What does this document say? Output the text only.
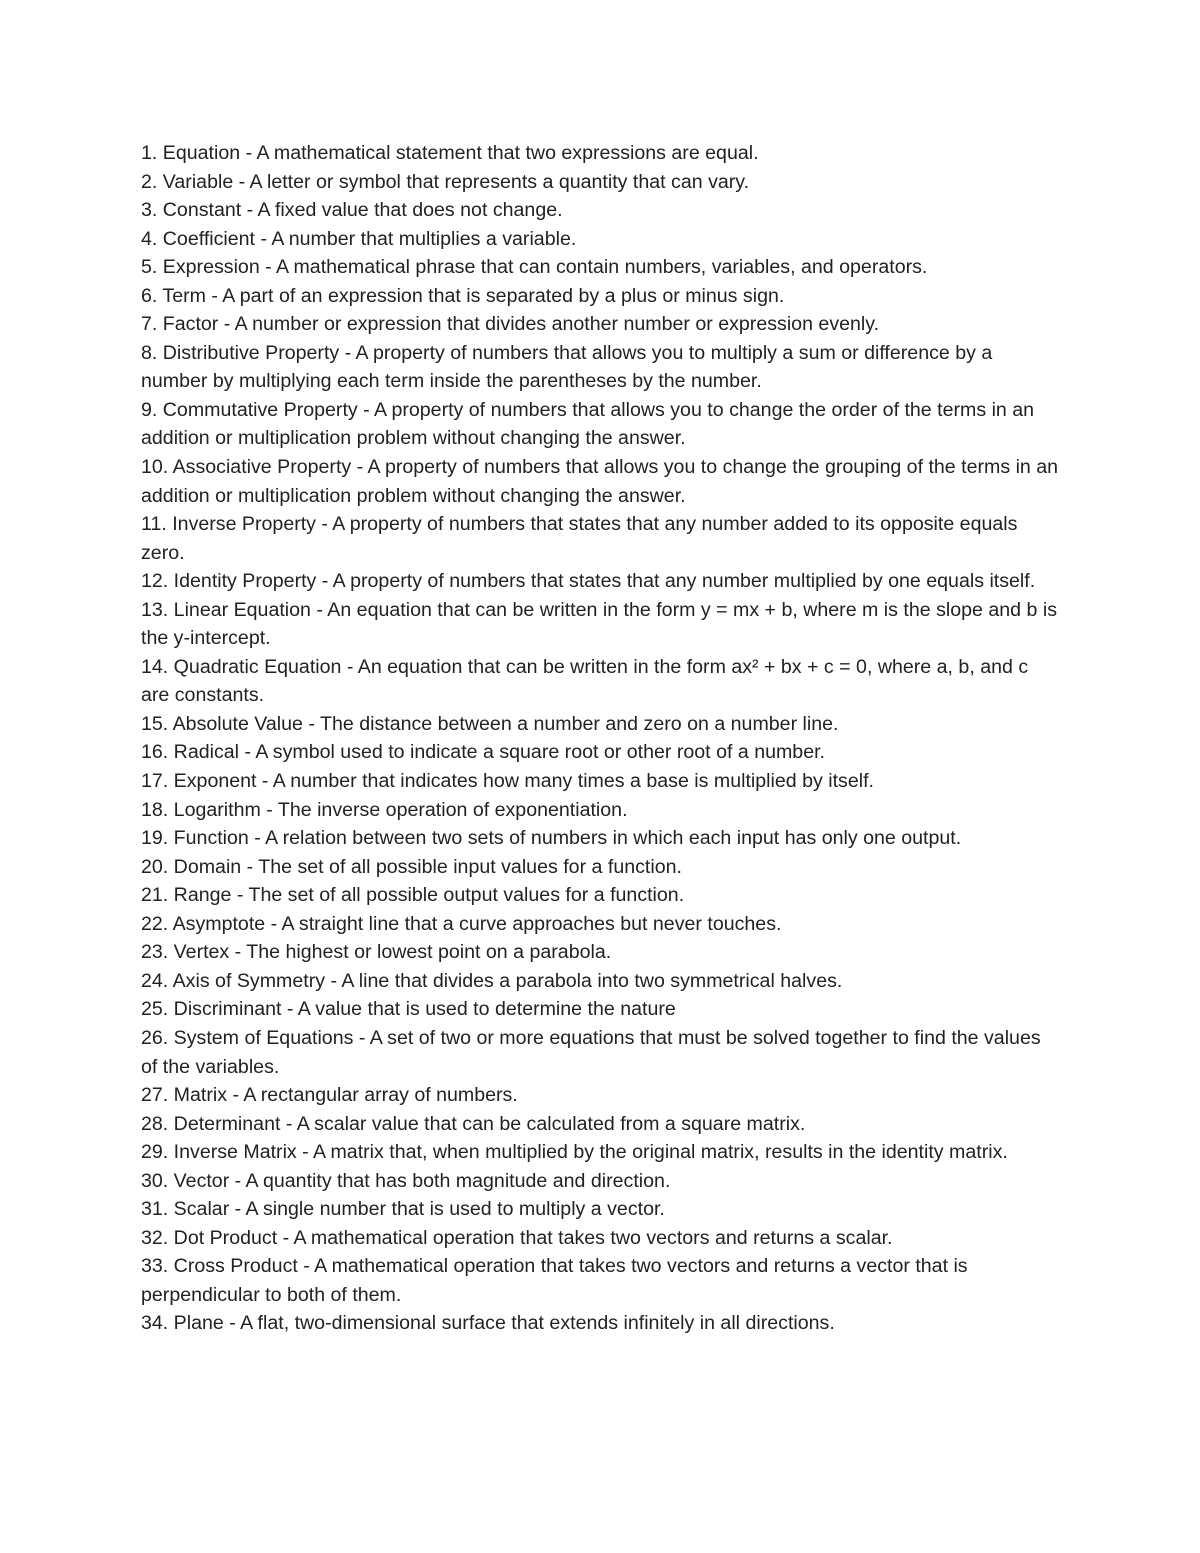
1. Equation - A mathematical statement that two expressions are equal.
2. Variable - A letter or symbol that represents a quantity that can vary.
3. Constant - A fixed value that does not change.
4. Coefficient - A number that multiplies a variable.
5. Expression - A mathematical phrase that can contain numbers, variables, and operators.
6. Term - A part of an expression that is separated by a plus or minus sign.
7. Factor - A number or expression that divides another number or expression evenly.
8. Distributive Property - A property of numbers that allows you to multiply a sum or difference by a number by multiplying each term inside the parentheses by the number.
9. Commutative Property - A property of numbers that allows you to change the order of the terms in an addition or multiplication problem without changing the answer.
10. Associative Property - A property of numbers that allows you to change the grouping of the terms in an addition or multiplication problem without changing the answer.
11. Inverse Property - A property of numbers that states that any number added to its opposite equals zero.
12. Identity Property - A property of numbers that states that any number multiplied by one equals itself.
13. Linear Equation - An equation that can be written in the form y = mx + b, where m is the slope and b is the y-intercept.
14. Quadratic Equation - An equation that can be written in the form ax² + bx + c = 0, where a, b, and c are constants.
15. Absolute Value - The distance between a number and zero on a number line.
16. Radical - A symbol used to indicate a square root or other root of a number.
17. Exponent - A number that indicates how many times a base is multiplied by itself.
18. Logarithm - The inverse operation of exponentiation.
19. Function - A relation between two sets of numbers in which each input has only one output.
20. Domain - The set of all possible input values for a function.
21. Range - The set of all possible output values for a function.
22. Asymptote - A straight line that a curve approaches but never touches.
23. Vertex - The highest or lowest point on a parabola.
24. Axis of Symmetry - A line that divides a parabola into two symmetrical halves.
25. Discriminant - A value that is used to determine the nature
26. System of Equations - A set of two or more equations that must be solved together to find the values of the variables.
27. Matrix - A rectangular array of numbers.
28. Determinant - A scalar value that can be calculated from a square matrix.
29. Inverse Matrix - A matrix that, when multiplied by the original matrix, results in the identity matrix.
30. Vector - A quantity that has both magnitude and direction.
31. Scalar - A single number that is used to multiply a vector.
32. Dot Product - A mathematical operation that takes two vectors and returns a scalar.
33. Cross Product - A mathematical operation that takes two vectors and returns a vector that is perpendicular to both of them.
34. Plane - A flat, two-dimensional surface that extends infinitely in all directions.
